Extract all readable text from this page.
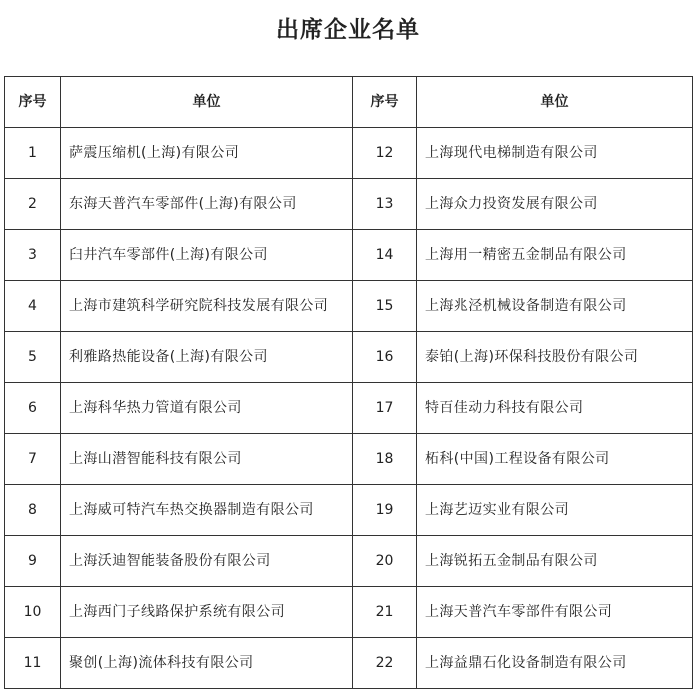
出席企业名单
序号	单位	序号	单位
1	萨震压缩机(上海)有限公司	12	上海现代电梯制造有限公司

2	东海天普汽车零部件(上海)有限公司	13	上海众力投资发展有限公司

3	臼井汽车零部件(上海)有限公司	14	上海用一精密五金制品有限公司

4	上海市建筑科学研究院科技发展有限公司	15	上海兆泾机械设备制造有限公司

5	利雅路热能设备(上海)有限公司	16	泰铂(上海)环保科技股份有限公司

6	上海科华热力管道有限公司	17	特百佳动力科技有限公司

7	上海山潜智能科技有限公司	18	柘科(中国)工程设备有限公司

8	上海威可特汽车热交换器制造有限公司	19	上海艺迈实业有限公司

9	上海沃迪智能装备股份有限公司	20	上海锐拓五金制品有限公司

10	上海西门子线路保护系统有限公司	21	上海天普汽车零部件有限公司

11	聚创(上海)流体科技有限公司	22	上海益鼎石化设备制造有限公司
